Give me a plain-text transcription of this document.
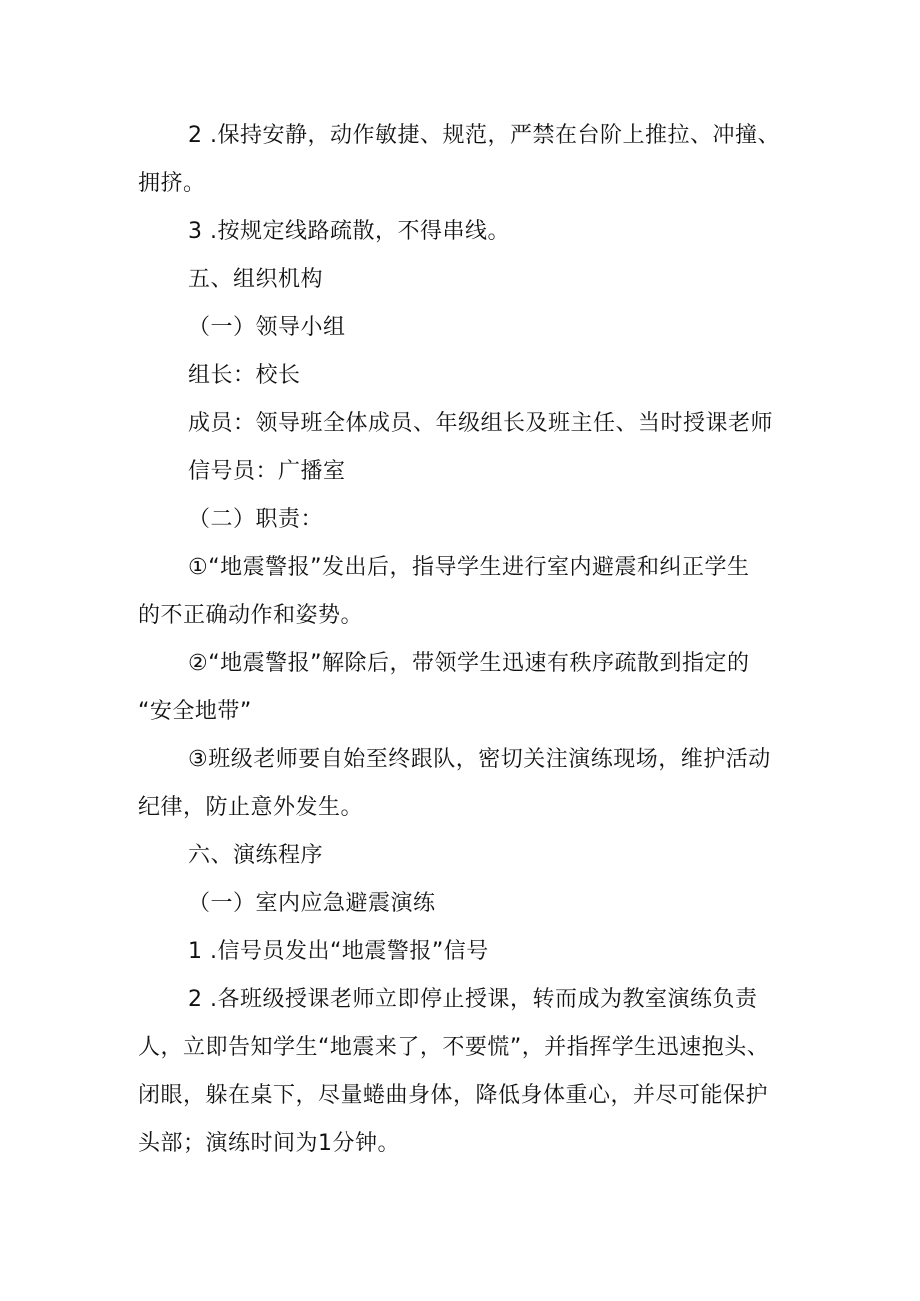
2 .保持安静，动作敏捷、规范，严禁在台阶上推拉、冲撞、
拥挤。
3 .按规定线路疏散，不得串线。
五、组织机构
（一）领导小组
组长：校长
成员：领导班全体成员、年级组长及班主任、当时授课老师
信号员：广播室
（二）职责：
①“地震警报”发出后，指导学生进行室内避震和纠正学生
的不正确动作和姿势。
②“地震警报”解除后，带领学生迅速有秩序疏散到指定的
“安全地带”
③班级老师要自始至终跟队，密切关注演练现场，维护活动
纪律，防止意外发生。
六、演练程序
（一）室内应急避震演练
1 .信号员发出“地震警报”信号
2 .各班级授课老师立即停止授课，转而成为教室演练负责
人，立即告知学生“地震来了，不要慌”，并指挥学生迅速抱头、
闭眼，躲在桌下，尽量蜷曲身体，降低身体重心，并尽可能保护
头部；演练时间为1分钟。
